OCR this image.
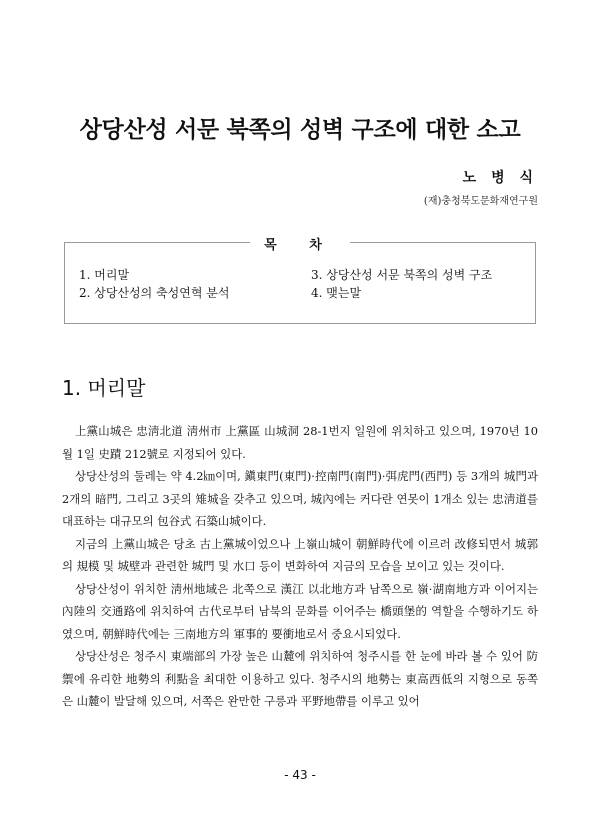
상당산성 서문 북쪽의 성벽 구조에 대한 소고
노 병 식
(재)충청북도문화재연구원
목 차
1. 머리말
2. 상당산성의 축성연혁 분석
3. 상당산성 서문 북쪽의 성벽 구조
4. 맺는말
1. 머리말

上黨山城은 忠淸北道 淸州市 上黨區 山城洞 28-1번지 일원에 위치하고 있으며, 1970년 10월 1일 史蹟 212號로 지정되어 있다.

상당산성의 둘레는 약 4.2㎞이며, 鎭東門(東門)·控南門(南門)·弭虎門(西門) 등 3개의 城門과 2개의 暗門, 그리고 3곳의 雉城을 갖추고 있으며, 城內에는 커다란 연못이 1개소 있는 忠淸道를 대표하는 대규모의 包谷式 石築山城이다.

지금의 上黨山城은 당초 古上黨城이었으나 上嶺山城이 朝鮮時代에 이르러 改修되면서 城郭의 規模 및 城壁과 관련한 城門 및 水口 등이 변화하여 지금의 모습을 보이고 있는 것이다.

상당산성이 위치한 淸州地域은 北쪽으로 漢江 以北地方과 남쪽으로 嶺·湖南地方과 이어지는 內陸의 交通路에 위치하여 古代로부터 남북의 문화를 이어주는 橋頭堡的 역할을 수행하기도 하였으며, 朝鮮時代에는 三南地方의 軍事的 要衝地로서 중요시되었다.

상당산성은 청주시 東端部의 가장 높은 山麓에 위치하여 청주시를 한 눈에 바라 볼 수 있어 防禦에 유리한 地勢의 利點을 최대한 이용하고 있다. 청주시의 地勢는 東高西低의 지형으로 동쪽은 山麓이 발달해 있으며, 서쪽은 완만한 구릉과 平野地帶를 이루고 있어

- 43 -
